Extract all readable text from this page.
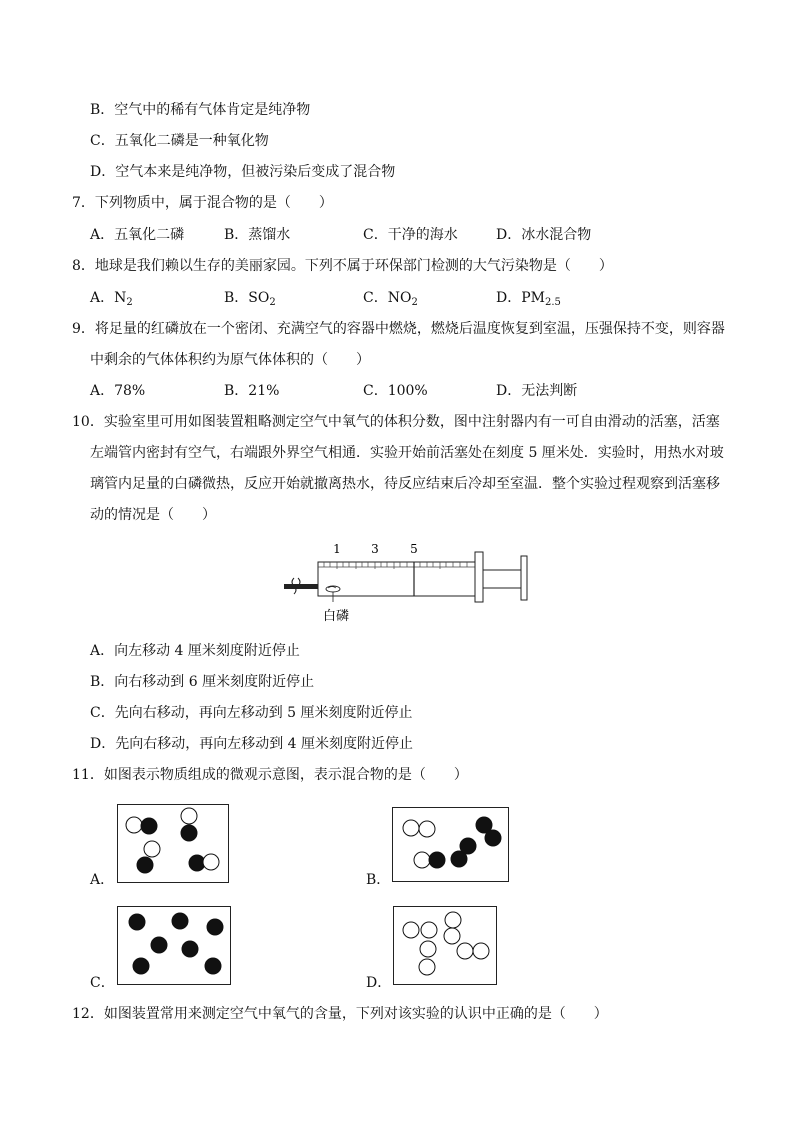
B．空气中的稀有气体肯定是纯净物
C．五氧化二磷是一种氧化物
D．空气本来是纯净物，但被污染后变成了混合物
7．下列物质中，属于混合物的是（　　）
A．五氧化二磷	B．蒸馏水	C．干净的海水	D．冰水混合物
8．地球是我们赖以生存的美丽家园。下列不属于环保部门检测的大气污染物是（　　）
A．$N_2$	B．$SO_2$	C．$NO_2$	D．$PM_{2.5}$
9．将足量的红磷放在一个密闭、充满空气的容器中燃烧，燃烧后温度恢复到室温，压强保持不变，则容器
中剩余的气体体积约为原气体体积的（　　）
A．78%	B．21%	C．100%	D．无法判断
10．实验室里可用如图装置粗略测定空气中氧气的体积分数，图中注射器内有一可自由滑动的活塞，活塞
左端管内密封有空气，右端跟外界空气相通．实验开始前活塞处在刻度 5 厘米处．实验时，用热水对玻
璃管内足量的白磷微热，反应开始就撤离热水，待反应结束后冷却至室温．整个实验过程观察到活塞移
动的情况是（　　）
1	3	5
白磷
A．向左移动 4 厘米刻度附近停止
B．向右移动到 6 厘米刻度附近停止
C．先向右移动，再向左移动到 5 厘米刻度附近停止
D．先向右移动，再向左移动到 4 厘米刻度附近停止
11．如图表示物质组成的微观示意图，表示混合物的是（　　）
A．	B．
C．	D．
12．如图装置常用来测定空气中氧气的含量，下列对该实验的认识中正确的是（　　）
